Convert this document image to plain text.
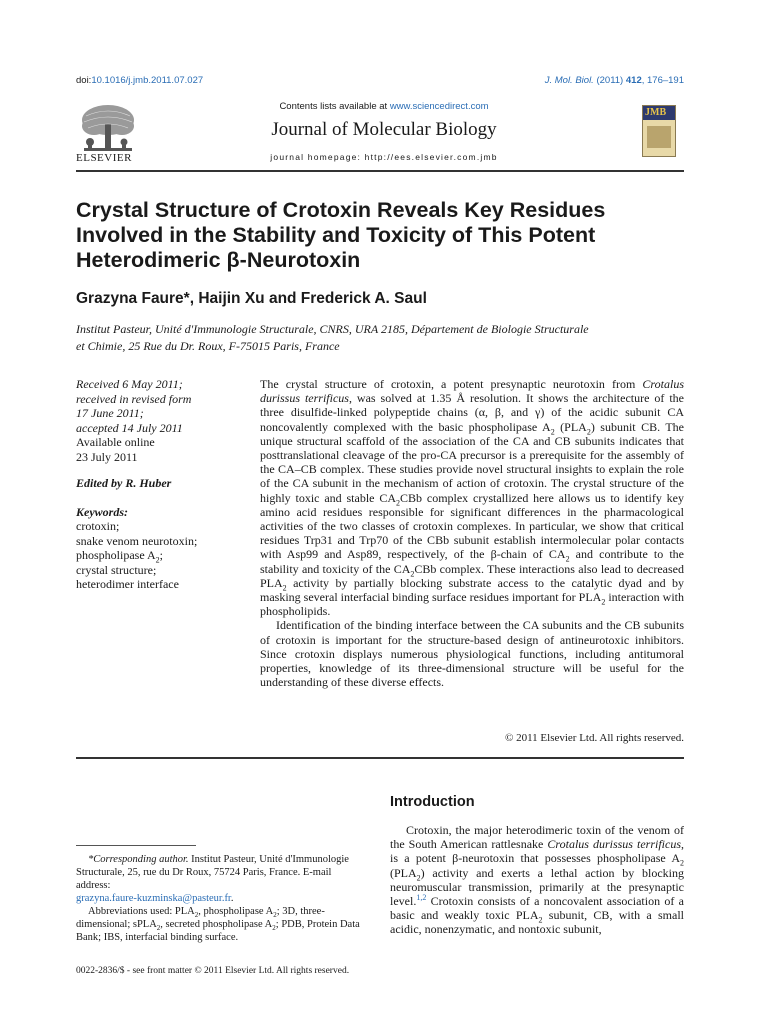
doi:10.1016/j.jmb.2011.07.027	J. Mol. Biol. (2011) 412, 176–191
ELSEVIER
Contents lists available at www.sciencedirect.com
Journal of Molecular Biology
journal homepage: http://ees.elsevier.com.jmb
JMB
Crystal Structure of Crotoxin Reveals Key Residues
Involved in the Stability and Toxicity of This Potent
Heterodimeric β-Neurotoxin
Grazyna Faure*, Haijin Xu and Frederick A. Saul
Institut Pasteur, Unité d'Immunologie Structurale, CNRS, URA 2185, Département de Biologie Structurale
et Chimie, 25 Rue du Dr. Roux, F-75015 Paris, France
Received 6 May 2011;
received in revised form
17 June 2011;
accepted 14 July 2011
Available online
23 July 2011
Edited by R. Huber
Keywords:
crotoxin;
snake venom neurotoxin;
phospholipase $A_2$;
crystal structure;
heterodimer interface

The crystal structure of crotoxin, a potent presynaptic neurotoxin from Crotalus durissus terrificus, was solved at 1.35 Å resolution. It shows the architecture of the three disulfide-linked polypeptide chains (α, β, and γ) of the acidic subunit CA noncovalently complexed with the basic phospholipase $A_2$ $(PLA_2)$ subunit CB. The unique structural scaffold of the association of the CA and CB subunits indicates that posttranslational cleavage of the pro-CA precursor is a prerequisite for the assembly of the CA–CB complex. These studies provide novel structural insights to explain the role of the CA subunit in the mechanism of action of crotoxin. The crystal structure of the highly toxic and stable $CA_2CBb$ complex crystallized here allows us to identify key amino acid residues responsible for significant differences in the pharmacological activities of the two classes of crotoxin complexes. In particular, we show that critical residues Trp31 and Trp70 of the CBb subunit establish intermolecular polar contacts with Asp99 and Asp89, respectively, of the β-chain of $CA_2$ and contribute to the stability and toxicity of the $CA_2CBb$ complex. These interactions also lead to decreased $PLA_2$ activity by partially blocking substrate access to the catalytic dyad and by masking several interfacial binding surface residues important for $PLA_2$ interaction with phospholipids.

Identification of the binding interface between the CA subunits and the CB subunits of crotoxin is important for the structure-based design of antineurotoxic inhibitors. Since crotoxin displays numerous physiological functions, including antitumoral properties, knowledge of its three-dimensional structure will be useful for the understanding of these diverse effects.

© 2011 Elsevier Ltd. All rights reserved.
Introduction
Crotoxin, the major heterodimeric toxin of the venom of the South American rattlesnake Crotalus durissus terrificus, is a potent β-neurotoxin that possesses phospholipase $A_2$ $(PLA_2)$ activity and exerts a lethal action by blocking neuromuscular transmission, primarily at the presynaptic level.$^{1,2}$ Crotoxin consists of a noncovalent association of a basic and weakly toxic $PLA_2$ subunit, CB, with a small acidic, nonenzymatic, and nontoxic subunit,

*Corresponding author. Institut Pasteur, Unité d'Immunologie Structurale, 25, rue du Dr Roux, 75724 Paris, France. E-mail address:
grazyna.faure-kuzminska@pasteur.fr.

Abbreviations used: $PLA_2$, phospholipase $A_2$; 3D, three-dimensional; sPLA$_2$, secreted phospholipase $A_2$; PDB, Protein Data Bank; IBS, interfacial binding surface.

0022-2836/$ - see front matter © 2011 Elsevier Ltd. All rights reserved.
